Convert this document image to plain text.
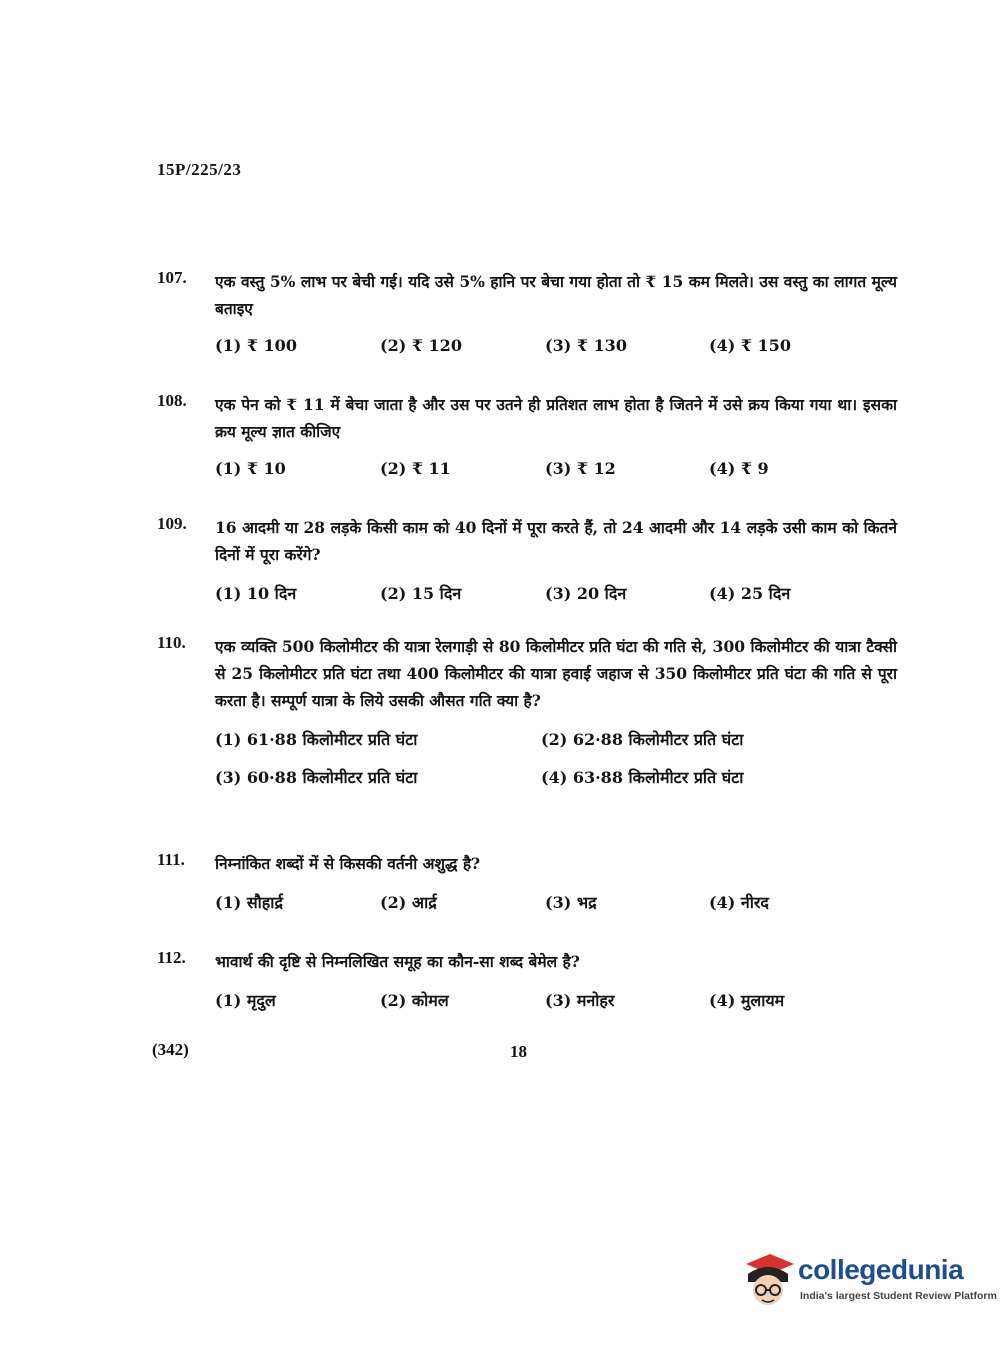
15P/225/23
107. एक वस्तु 5% लाभ पर बेची गई। यदि उसे 5% हानि पर बेचा गया होता तो ₹ 15 कम मिलते। उस वस्तु का लागत मूल्य बताइए
(1) ₹ 100	(2) ₹ 120	(3) ₹ 130	(4) ₹ 150
108. एक पेन को ₹ 11 में बेचा जाता है और उस पर उतने ही प्रतिशत लाभ होता है जितने में उसे क्रय किया गया था। इसका क्रय मूल्य ज्ञात कीजिए
(1) ₹ 10	(2) ₹ 11	(3) ₹ 12	(4) ₹ 9
109. 16 आदमी या 28 लड़के किसी काम को 40 दिनों में पूरा करते हैं, तो 24 आदमी और 14 लड़के उसी काम को कितने दिनों में पूरा करेंगे?
(1) 10 दिन	(2) 15 दिन	(3) 20 दिन	(4) 25 दिन
110. एक व्यक्ति 500 किलोमीटर की यात्रा रेलगाड़ी से 80 किलोमीटर प्रति घंटा की गति से, 300 किलोमीटर की यात्रा टैक्सी से 25 किलोमीटर प्रति घंटा तथा 400 किलोमीटर की यात्रा हवाई जहाज से 350 किलोमीटर प्रति घंटा की गति से पूरा करता है। सम्पूर्ण यात्रा के लिये उसकी औसत गति क्या है?
(1) 61·88 किलोमीटर प्रति घंटा	(2) 62·88 किलोमीटर प्रति घंटा
(3) 60·88 किलोमीटर प्रति घंटा	(4) 63·88 किलोमीटर प्रति घंटा
111. निम्नांकित शब्दों में से किसकी वर्तनी अशुद्ध है?
(1) सौहार्द्र	(2) आर्द्र	(3) भद्र	(4) नीरद
112. भावार्थ की दृष्टि से निम्नलिखित समूह का कौन-सा शब्द बेमेल है?
(1) मृदुल	(2) कोमल	(3) मनोहर	(4) मुलायम
(342)	18
collegedunia
India's largest Student Review Platform
